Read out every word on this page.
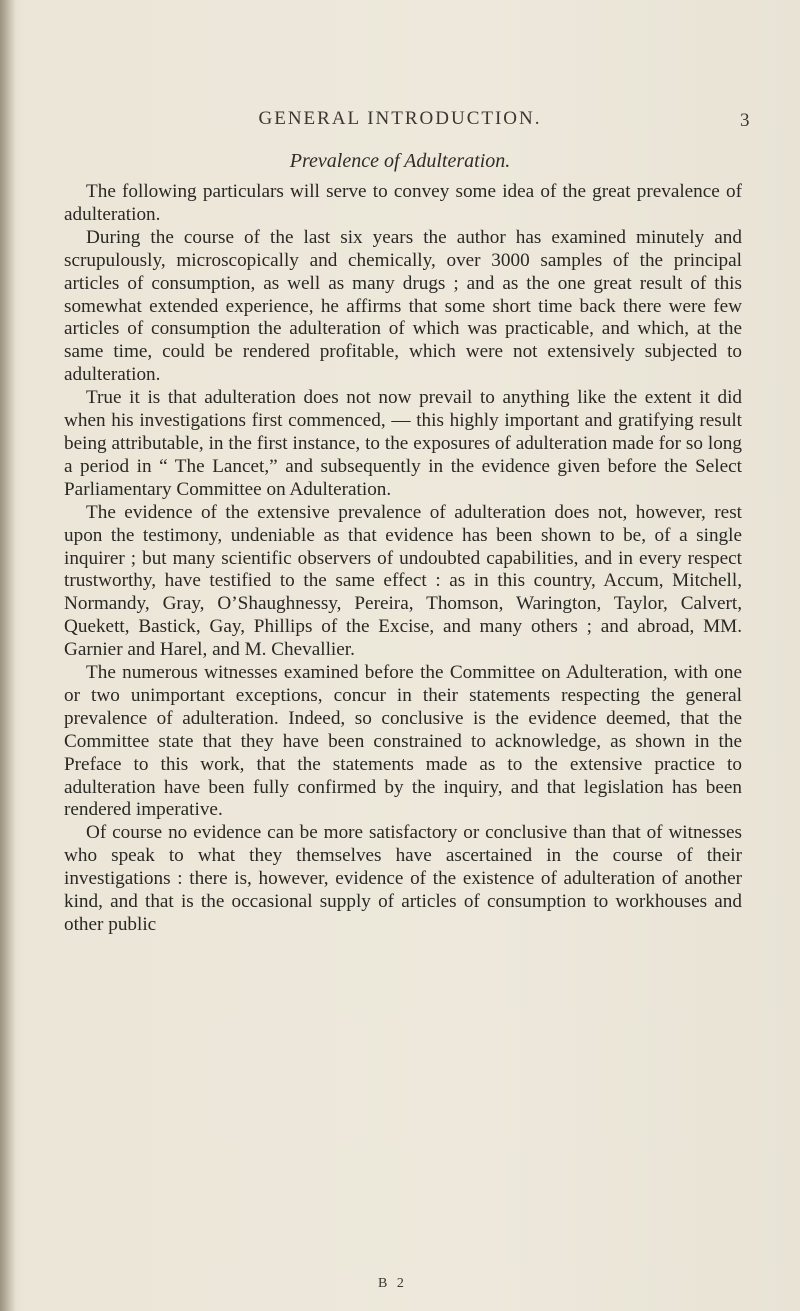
GENERAL INTRODUCTION.	3
Prevalence of Adulteration.

The following particulars will serve to convey some idea of the great prevalence of adulteration.

During the course of the last six years the author has examined minutely and scrupulously, microscopically and chemically, over 3000 samples of the principal articles of consumption, as well as many drugs ; and as the one great result of this somewhat extended experience, he affirms that some short time back there were few articles of consumption the adulteration of which was practicable, and which, at the same time, could be rendered profitable, which were not extensively subjected to adulteration.

True it is that adulteration does not now prevail to anything like the extent it did when his investigations first commenced, — this highly important and gratifying result being attributable, in the first instance, to the exposures of adulteration made for so long a period in “ The Lancet,” and subsequently in the evidence given before the Select Parliamentary Committee on Adulteration.

The evidence of the extensive prevalence of adulteration does not, however, rest upon the testimony, undeniable as that evidence has been shown to be, of a single inquirer ; but many scientific observers of undoubted capabilities, and in every respect trustworthy, have testified to the same effect : as in this country, Accum, Mitchell, Normandy, Gray, O’Shaughnessy, Pereira, Thomson, Warington, Taylor, Calvert, Quekett, Bastick, Gay, Phillips of the Excise, and many others ; and abroad, MM. Garnier and Harel, and M. Chevallier.

The numerous witnesses examined before the Committee on Adulteration, with one or two unimportant exceptions, concur in their statements respecting the general prevalence of adulteration. Indeed, so conclusive is the evidence deemed, that the Committee state that they have been constrained to acknowledge, as shown in the Preface to this work, that the statements made as to the extensive practice to adulteration have been fully confirmed by the inquiry, and that legislation has been rendered imperative.

Of course no evidence can be more satisfactory or conclusive than that of witnesses who speak to what they themselves have ascertained in the course of their investigations : there is, however, evidence of the existence of adulteration of another kind, and that is the occasional supply of articles of consumption to workhouses and other public

B 2
